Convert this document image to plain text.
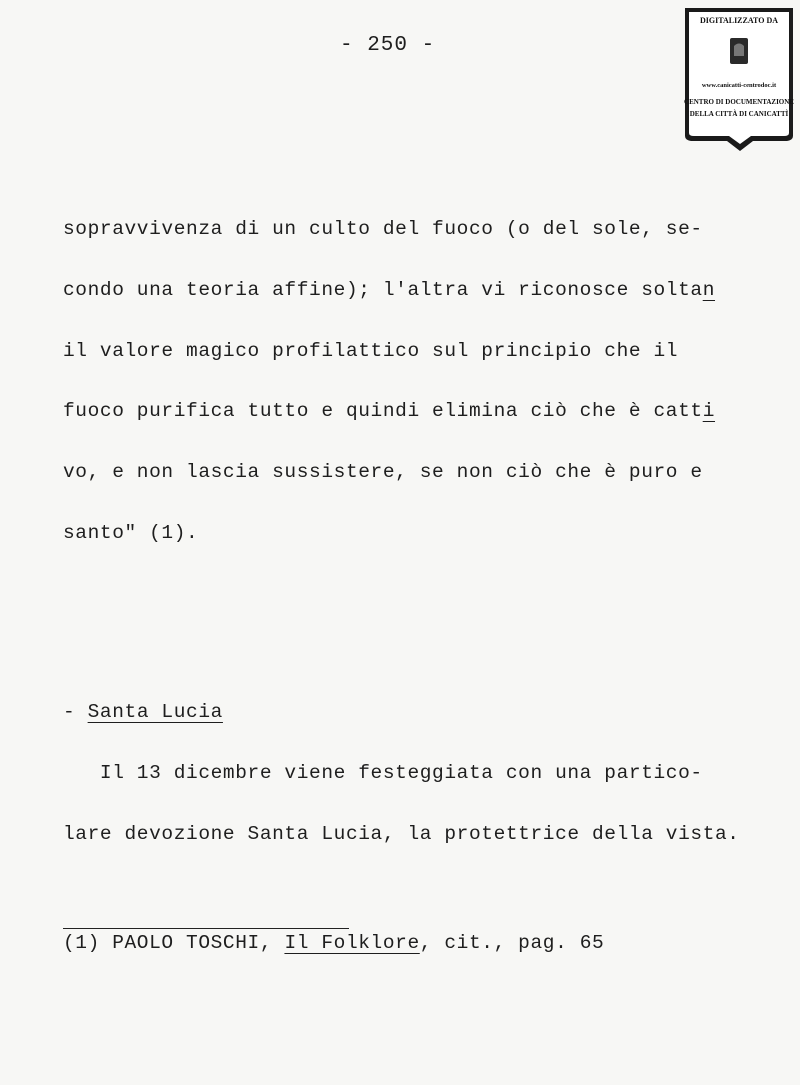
- 250 -
DIGITALIZZATO DA
www.canicatti-centrodoc.it
CENTRO DI DOCUMENTAZIONE
DELLA CITTÀ DI CANICATTÌ
sopravvivenza di un culto del fuoco (o del sole, se-
condo una teoria affine); l'altra vi riconosce soltan
il valore magico profilattico sul principio che il
fuoco purifica tutto e quindi elimina ciò che è catti
vo, e non lascia sussistere, se non ciò che è puro e
santo" (1).
- Santa Lucia
Il 13 dicembre viene festeggiata con una partico-
lare devozione Santa Lucia, la protettrice della vista.
(1) PAOLO TOSCHI, Il Folklore, cit., pag. 65
